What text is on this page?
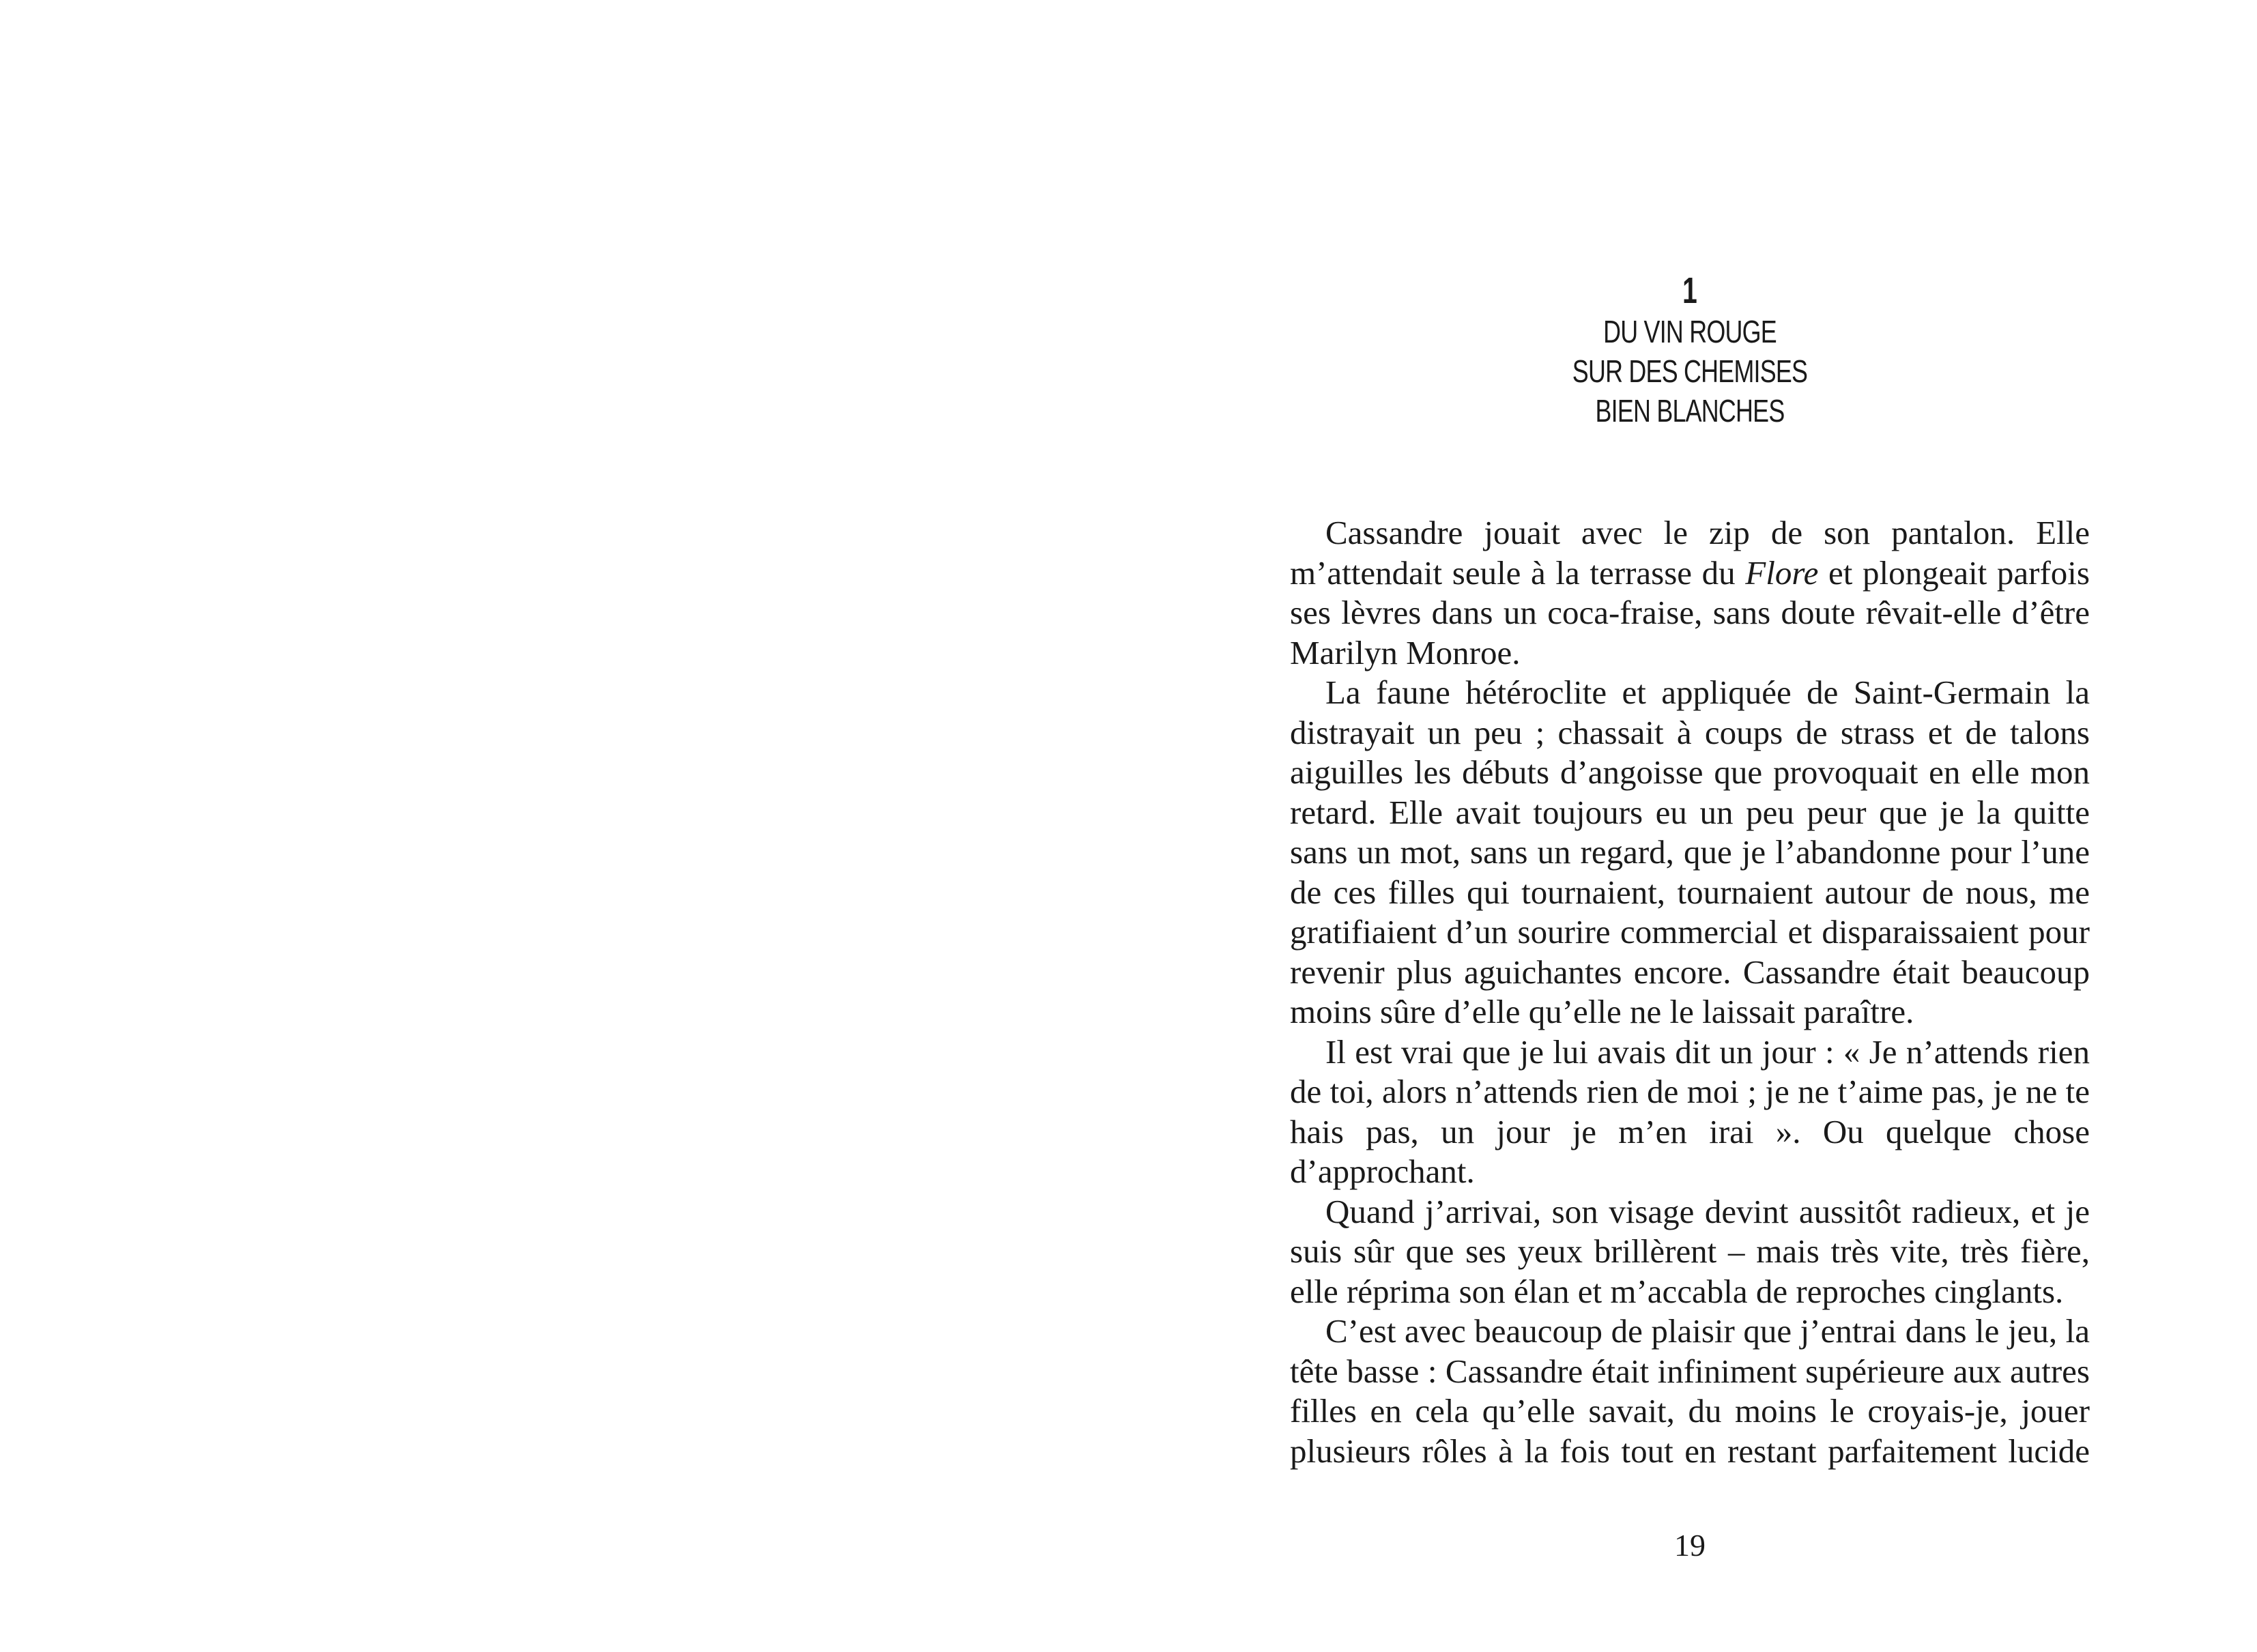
1
DU VIN ROUGE
SUR DES CHEMISES
BIEN BLANCHES

Cassandre jouait avec le zip de son pantalon. Elle m’attendait seule à la terrasse du Flore et plongeait parfois ses lèvres dans un coca-fraise, sans doute rêvait-elle d’être Marilyn Monroe.

La faune hétéroclite et appliquée de Saint-Germain la distrayait un peu ; chassait à coups de strass et de talons aiguilles les débuts d’angoisse que provoquait en elle mon retard. Elle avait toujours eu un peu peur que je la quitte sans un mot, sans un regard, que je l’abandonne pour l’une de ces filles qui tournaient, tournaient autour de nous, me gratifiaient d’un sourire commercial et disparaissaient pour revenir plus aguichantes encore. Cassandre était beaucoup moins sûre d’elle qu’elle ne le laissait paraître.

Il est vrai que je lui avais dit un jour : « Je n’attends rien de toi, alors n’attends rien de moi ; je ne t’aime pas, je ne te hais pas, un jour je m’en irai ». Ou quelque chose d’approchant.

Quand j’arrivai, son visage devint aussitôt radieux, et je suis sûr que ses yeux brillèrent – mais très vite, très fière, elle réprima son élan et m’accabla de reproches cinglants.

C’est avec beaucoup de plaisir que j’entrai dans le jeu, la tête basse : Cassandre était infiniment supérieure aux autres filles en cela qu’elle savait, du moins le croyais-je, jouer plusieurs rôles à la fois tout en restant parfaitement lucide

19
